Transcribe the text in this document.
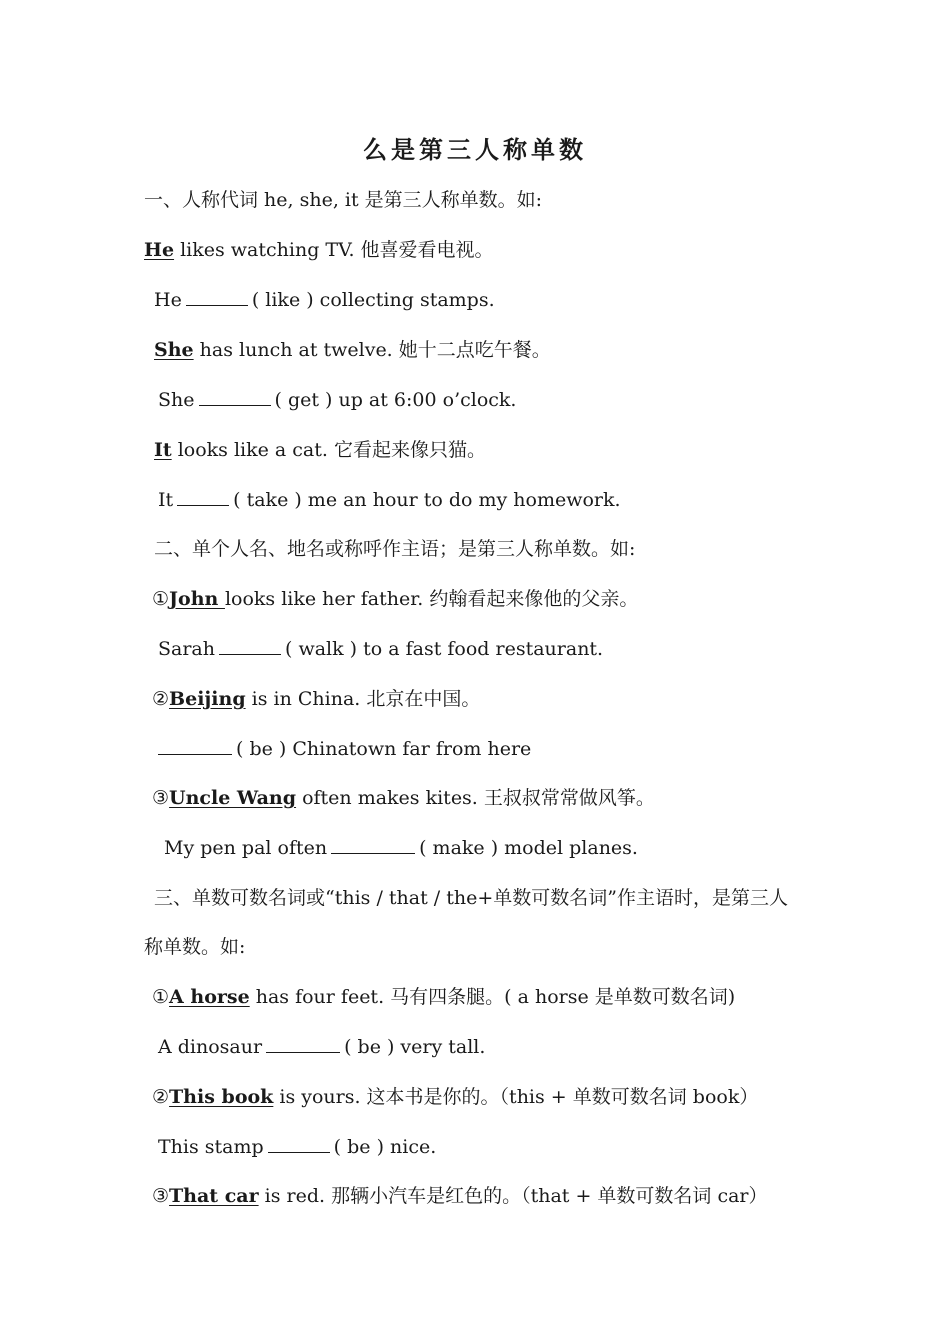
么是第三人称单数
一、人称代词 he, she, it 是第三人称单数。如:
He likes watching TV. 他喜爱看电视。
He	( like ) collecting stamps.
She has lunch at twelve. 她十二点吃午餐。
She	( get ) up at 6:00 o’clock.
It looks like a cat. 它看起来像只猫。
It	( take ) me an hour to do my homework.
二、单个人名、地名或称呼作主语；是第三人称单数。如:
①John looks like her father. 约翰看起来像他的父亲。
Sarah	( walk ) to a fast food restaurant.
②Beijing is in China. 北京在中国。
( be ) Chinatown far from here
③Uncle Wang often makes kites. 王叔叔常常做风筝。
My pen pal often	( make ) model planes.
三、单数可数名词或“this / that / the+单数可数名词”作主语时，是第三人
称单数。如:
①A horse has four feet. 马有四条腿。( a horse 是单数可数名词)
A dinosaur	( be ) very tall.
②This book is yours. 这本书是你的。（this + 单数可数名词 book）
This stamp	( be ) nice.
③That car is red. 那辆小汽车是红色的。（that + 单数可数名词 car）
